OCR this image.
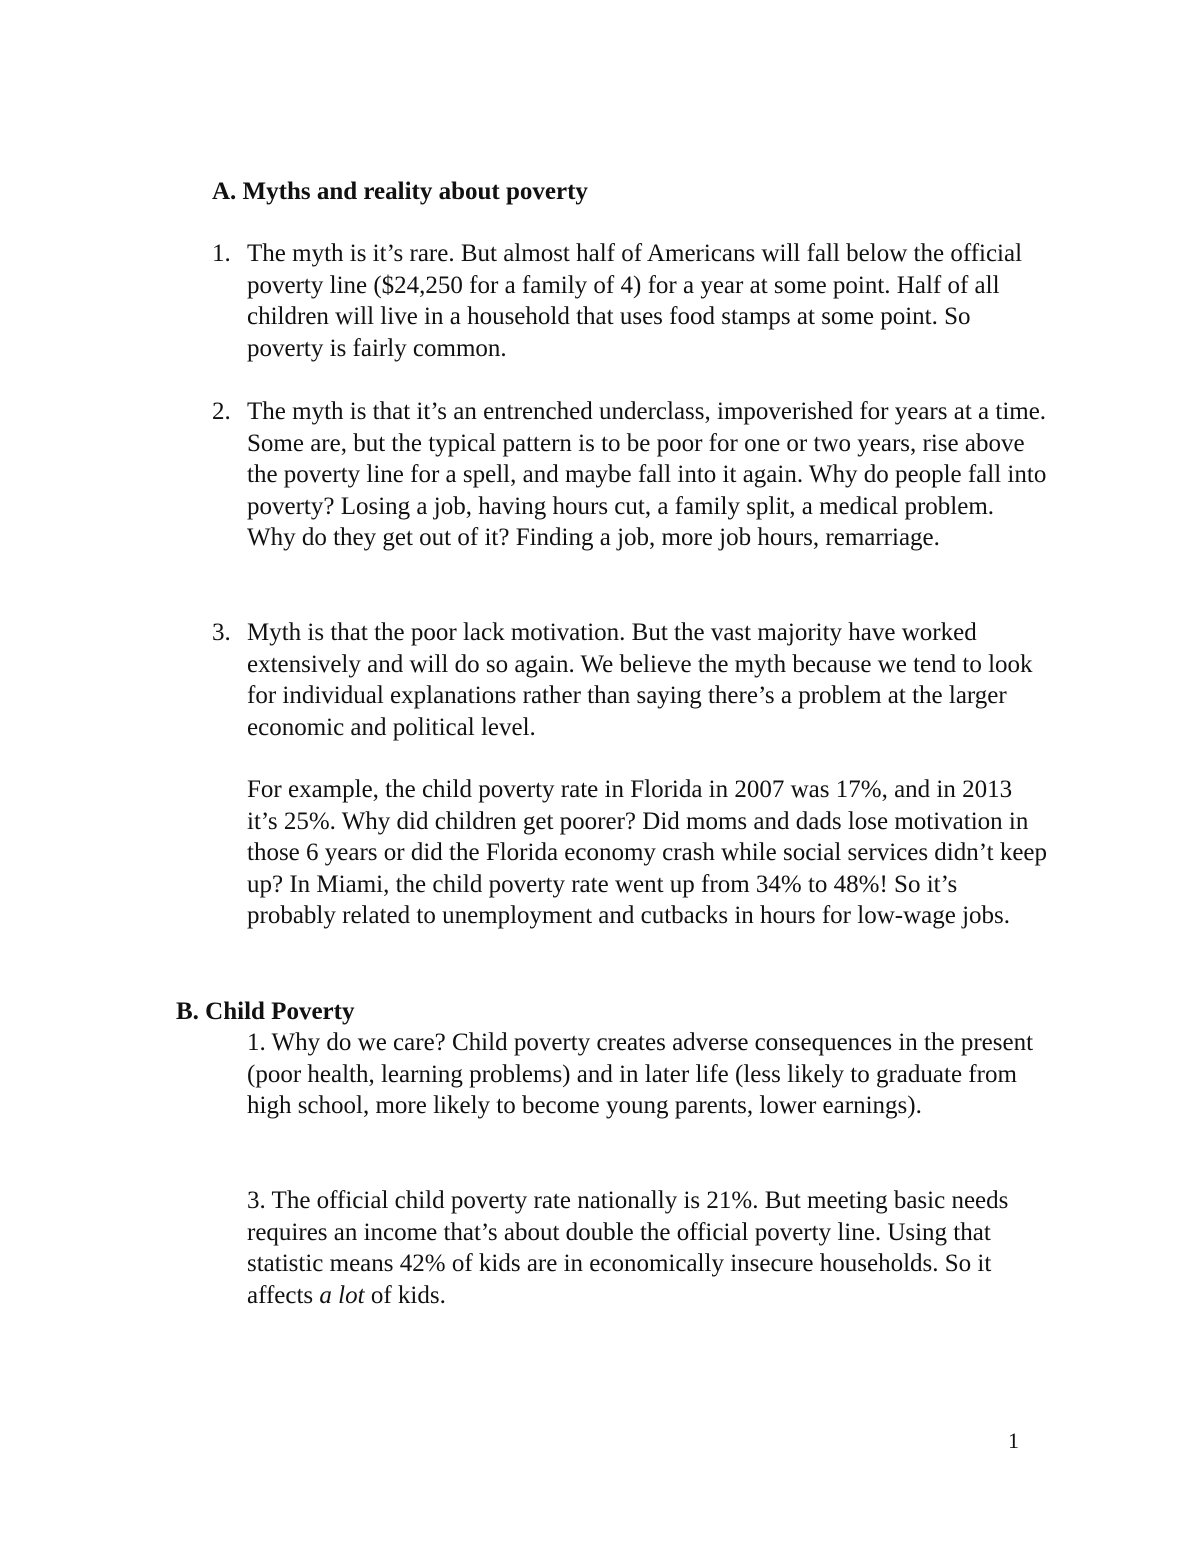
A. Myths and reality about poverty

1. The myth is it’s rare. But almost half of Americans will fall below the official poverty line ($24,250 for a family of 4) for a year at some point. Half of all children will live in a household that uses food stamps at some point. So poverty is fairly common.

2. The myth is that it’s an entrenched underclass, impoverished for years at a time. Some are, but the typical pattern is to be poor for one or two years, rise above the poverty line for a spell, and maybe fall into it again. Why do people fall into poverty? Losing a job, having hours cut, a family split, a medical problem. Why do they get out of it? Finding a job, more job hours, remarriage.

3. Myth is that the poor lack motivation. But the vast majority have worked extensively and will do so again. We believe the myth because we tend to look for individual explanations rather than saying there’s a problem at the larger economic and political level.

For example, the child poverty rate in Florida in 2007 was 17%, and in 2013 it’s 25%. Why did children get poorer? Did moms and dads lose motivation in those 6 years or did the Florida economy crash while social services didn’t keep up? In Miami, the child poverty rate went up from 34% to 48%! So it’s probably related to unemployment and cutbacks in hours for low-wage jobs.

B. Child Poverty

1. Why do we care? Child poverty creates adverse consequences in the present (poor health, learning problems) and in later life (less likely to graduate from high school, more likely to become young parents, lower earnings).

3. The official child poverty rate nationally is 21%. But meeting basic needs requires an income that’s about double the official poverty line. Using that statistic means 42% of kids are in economically insecure households. So it affects a lot of kids.

1
